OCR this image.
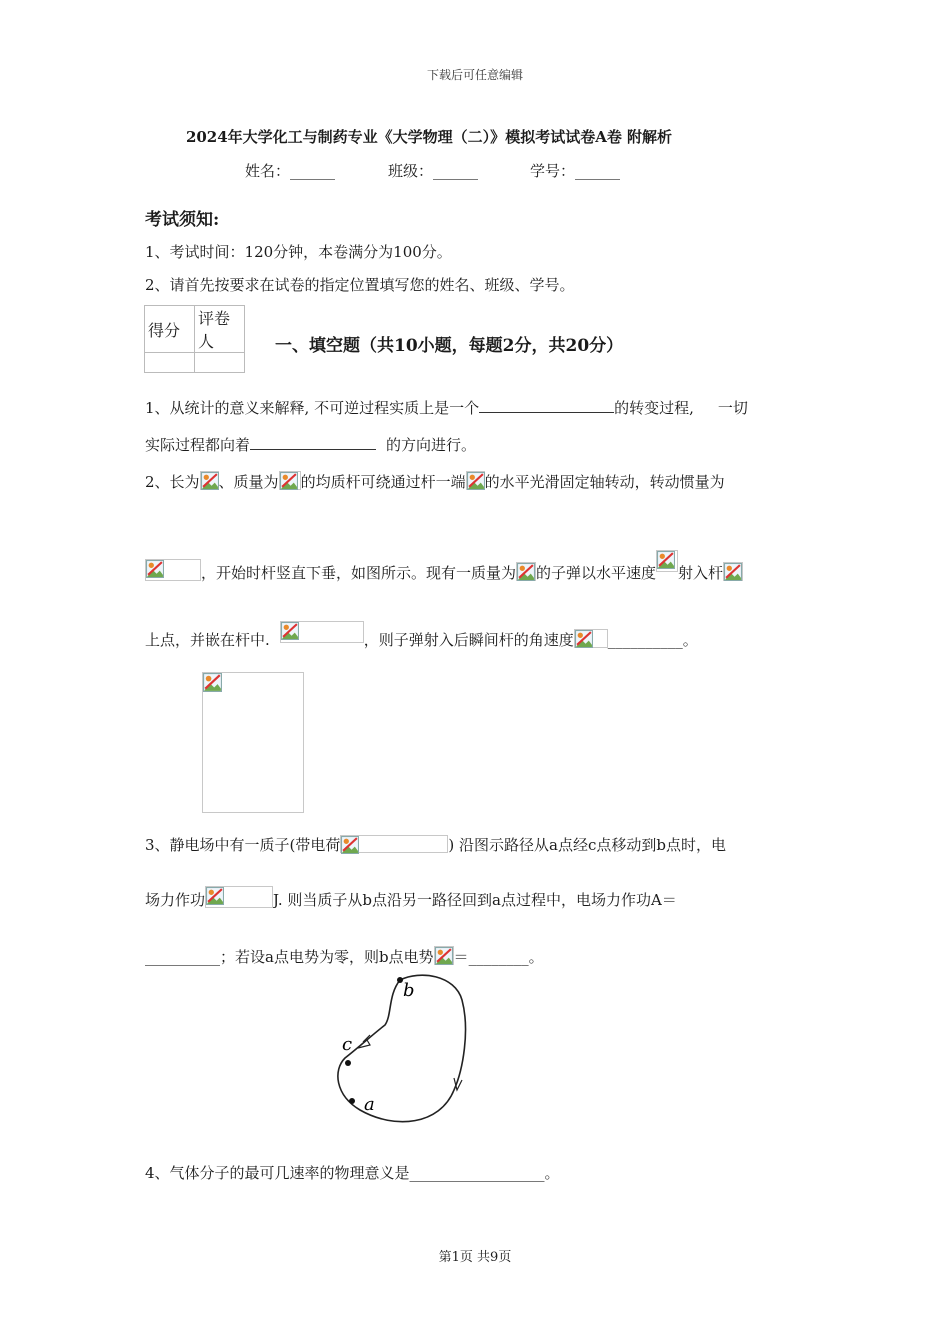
下载后可任意编辑
2024年大学化工与制药专业《大学物理（二）》模拟考试试卷A卷 附解析
姓名：______	班级：______	学号：______
考试须知:
1、考试时间：120分钟，本卷满分为100分。
2、请首先按要求在试卷的指定位置填写您的姓名、班级、学号。
得分	评卷人
		一、填空题（共10小题，每题2分，共20分）
1、从统计的意义来解释, 不可逆过程实质上是一个	的转变过程, 一切
实际过程都向着	的方向进行。
2、长为 、质量为 的均质杆可绕通过杆一端 的水平光滑固定轴转动，转动惯量为
，开始时杆竖直下垂，如图所示。现有一质量为 的子弹以水平速度 射入杆
上点，并嵌在杆中.	，则子弹射入后瞬间杆的角速度 __________。
3、静电场中有一质子(带电荷	) 沿图示路径从a点经c点移动到b点时，电
场力作功	J. 则当质子从b点沿另一路径回到a点过程中，电场力作功A＝
__________；若设a点电势为零，则b点电势 ＝________。
b
c
a
4、气体分子的最可几速率的物理意义是__________________。
第1页 共9页
